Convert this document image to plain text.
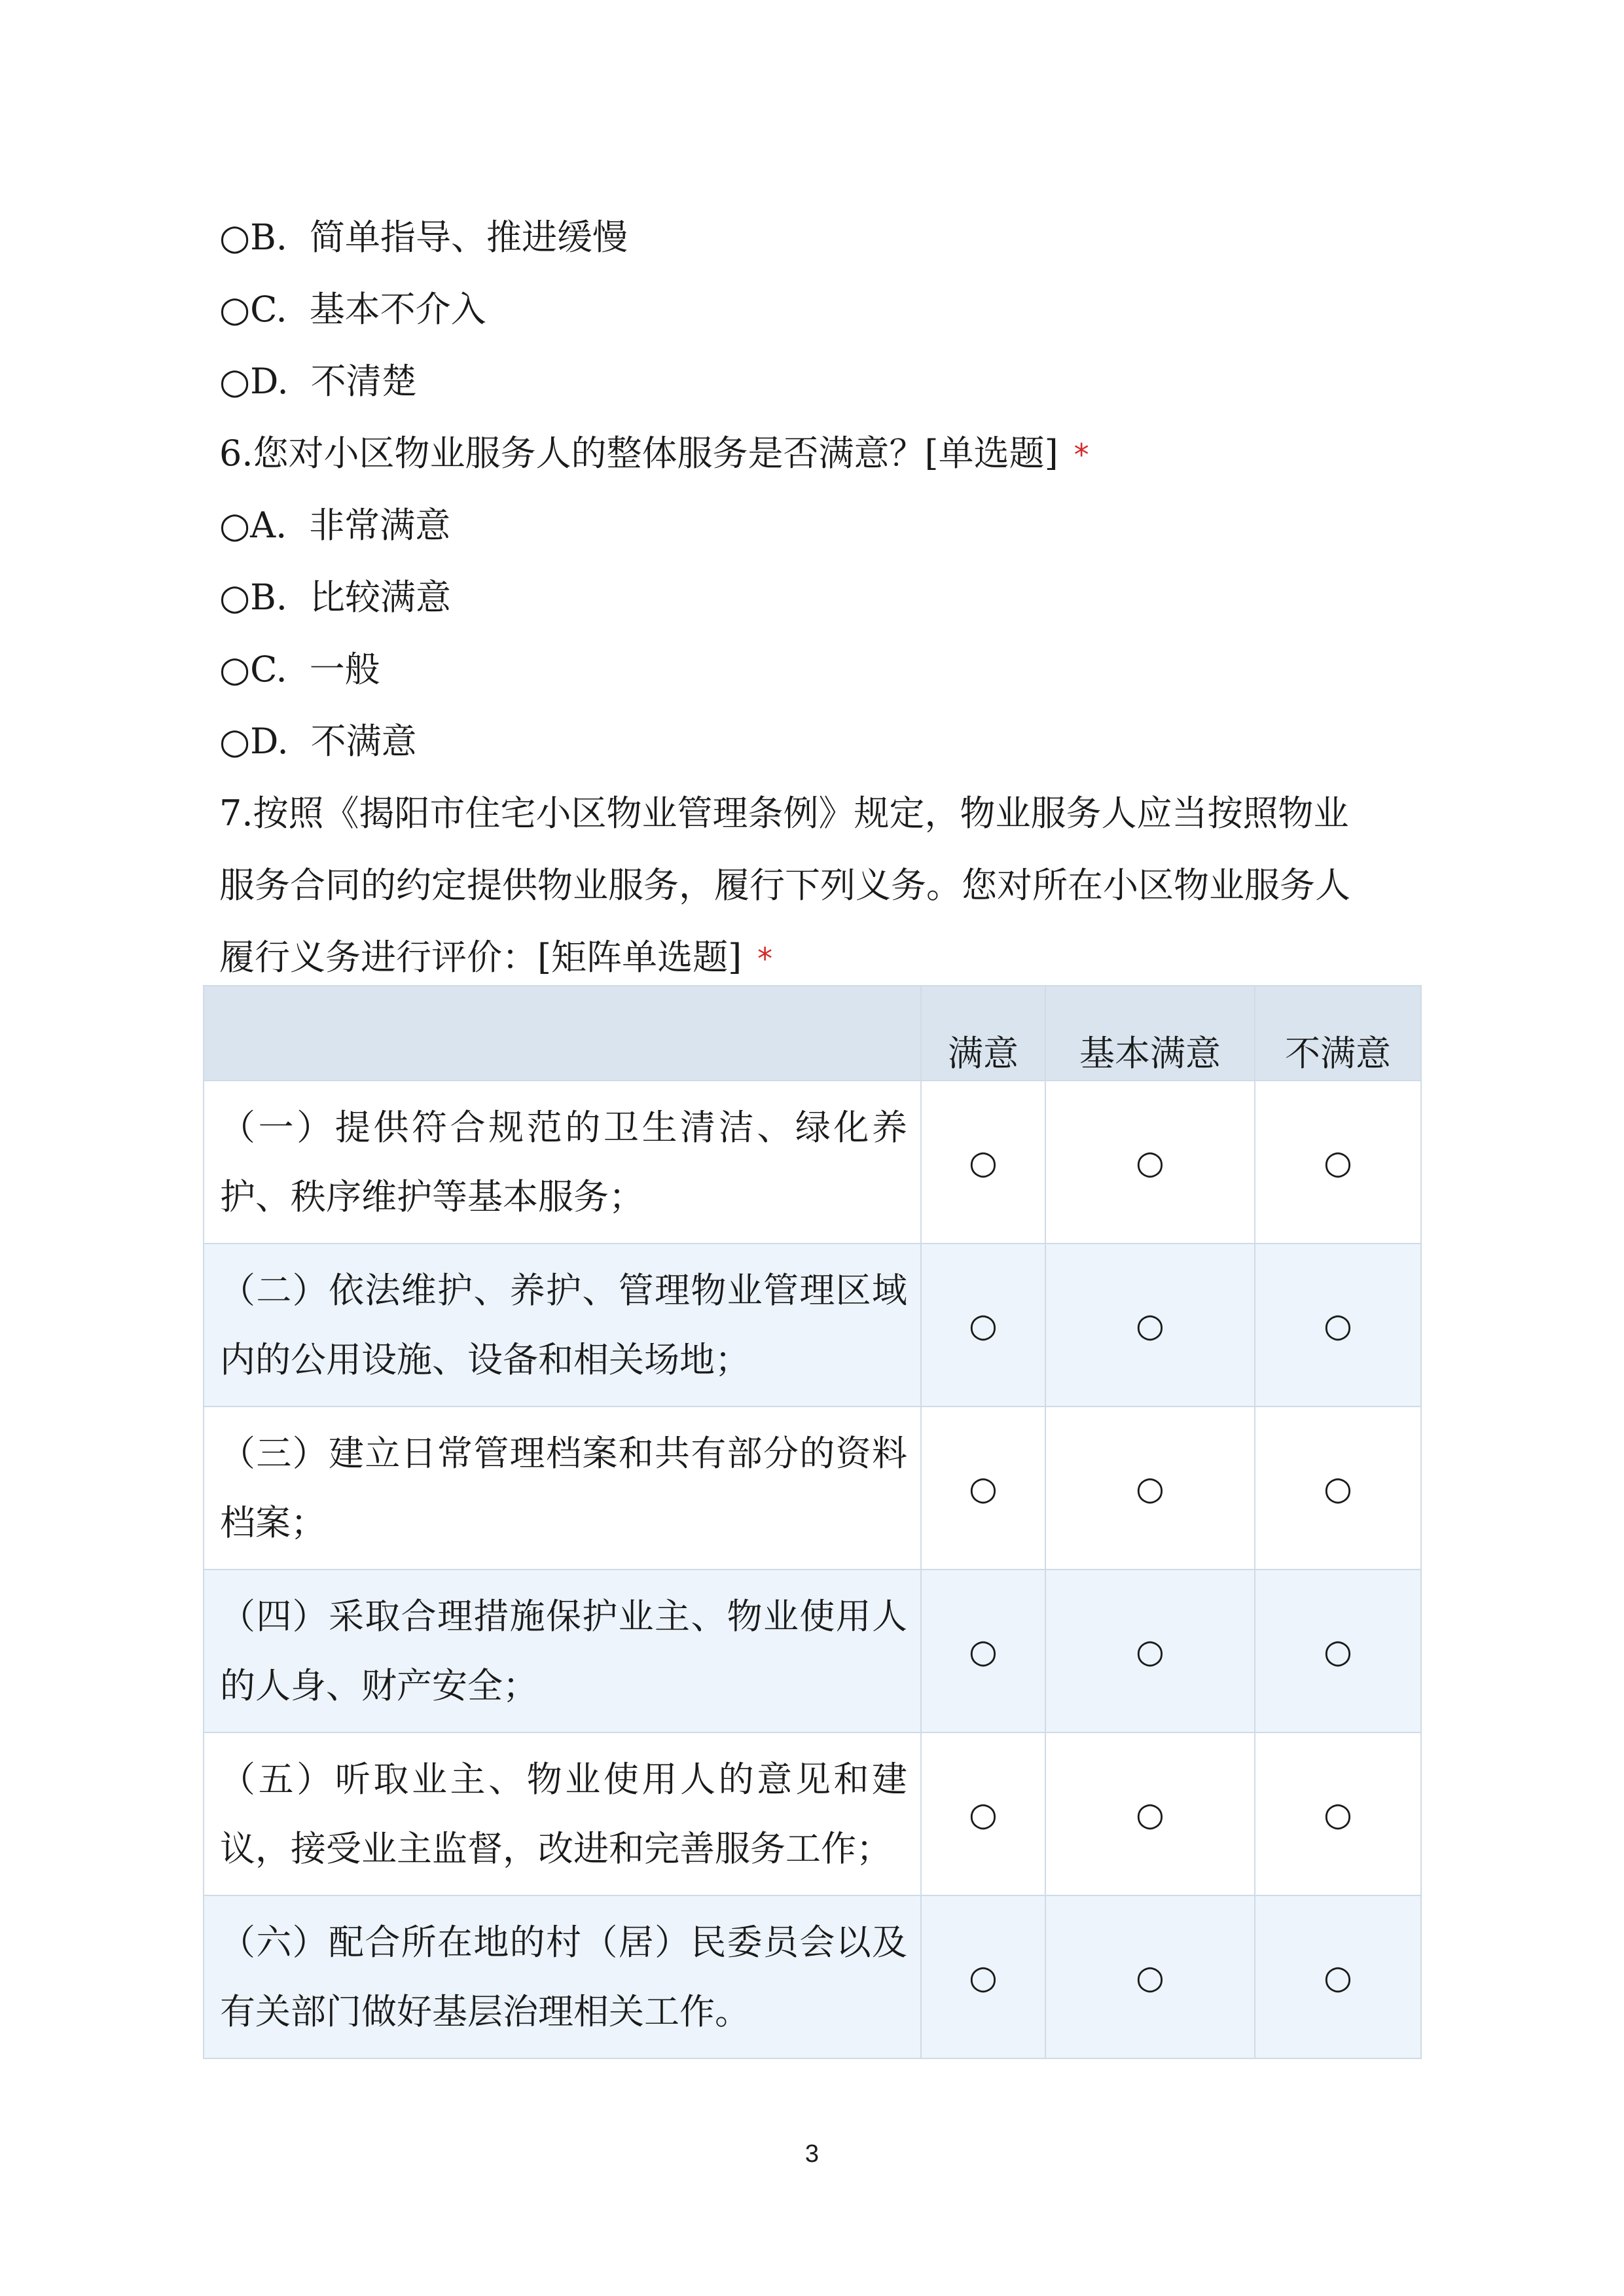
○B. 简单指导、推进缓慢
○C. 基本不介入
○D. 不清楚
6.您对小区物业服务人的整体服务是否满意？[单选题] *
○A. 非常满意
○B. 比较满意
○C. 一般
○D. 不满意
7.按照《揭阳市住宅小区物业管理条例》规定，物业服务人应当按照物业
服务合同的约定提供物业服务，履行下列义务。您对所在小区物业服务人
履行义务进行评价：[矩阵单选题] *
	满意	基本满意	不满意
（一）提供符合规范的卫生清洁、绿化养护、秩序维护等基本服务；	○	○	○
（二）依法维护、养护、管理物业管理区域内的公用设施、设备和相关场地；	○	○	○
（三）建立日常管理档案和共有部分的资料档案；	○	○	○
（四）采取合理措施保护业主、物业使用人的人身、财产安全；	○	○	○
（五）听取业主、物业使用人的意见和建议，接受业主监督，改进和完善服务工作；	○	○	○
（六）配合所在地的村（居）民委员会以及有关部门做好基层治理相关工作。	○	○	○
3
